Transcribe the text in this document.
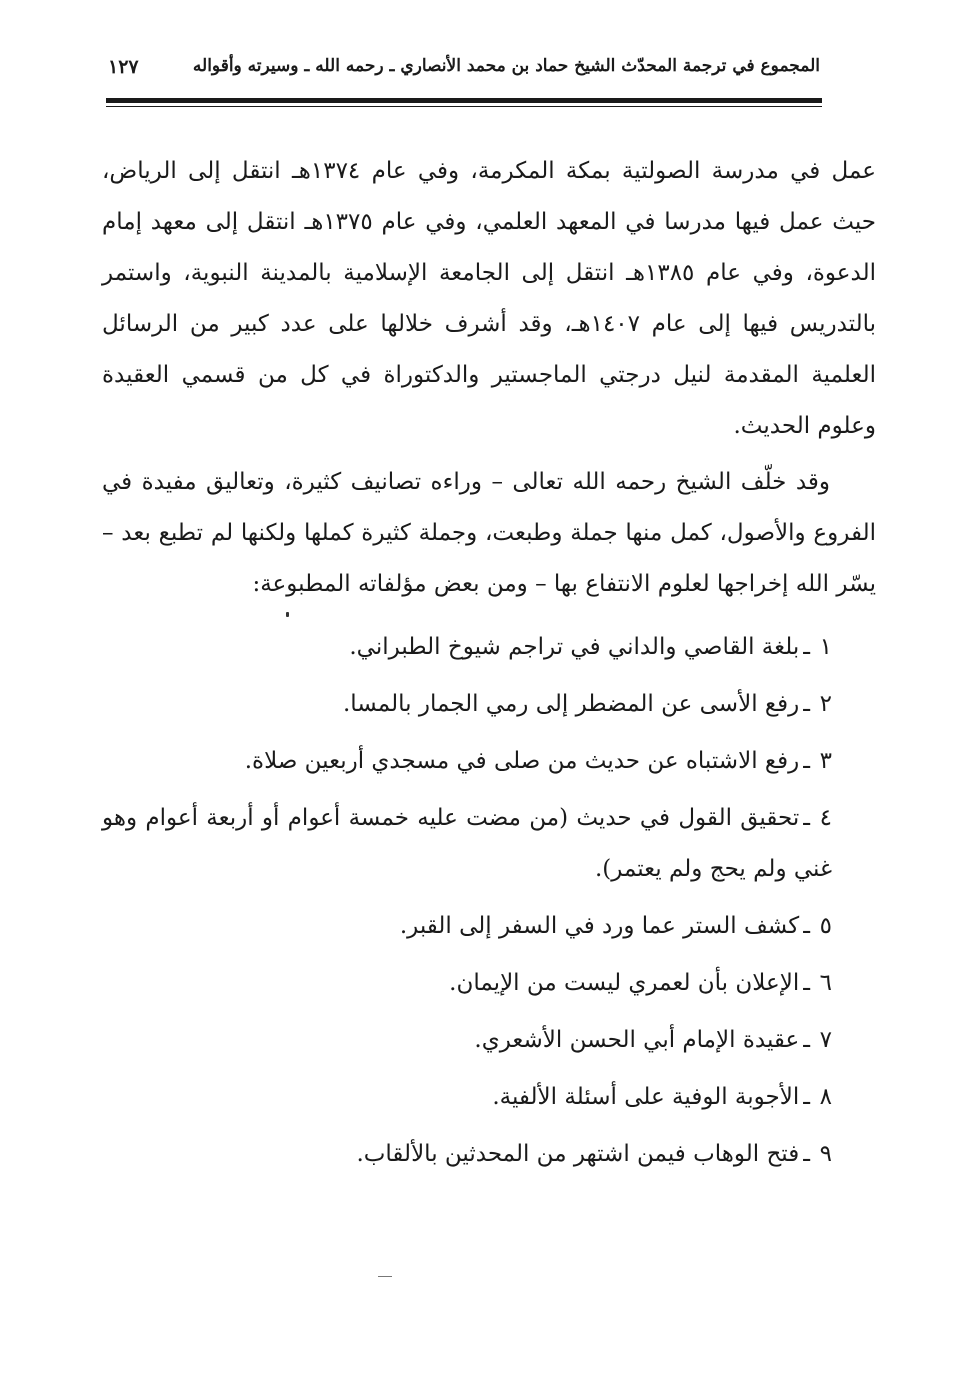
المجموع في ترجمة المحدّث الشيخ حماد بن محمد الأنصاري ـ رحمه الله ـ وسيرته وأقواله
١٢٧

عمل في مدرسة الصولتية بمكة المكرمة، وفي عام ١٣٧٤هـ انتقل إلى الرياض، حيث عمل فيها مدرسا في المعهد العلمي، وفي عام ١٣٧٥هـ انتقل إلى معهد إمام الدعوة، وفي عام ١٣٨٥هـ انتقل إلى الجامعة الإسلامية بالمدينة النبوية، واستمر بالتدريس فيها إلى عام ١٤٠٧هـ، وقد أشرف خلالها على عدد كبير من الرسائل العلمية المقدمة لنيل درجتي الماجستير والدكتوراة في كل من قسمي العقيدة وعلوم الحديث.

وقد خلّف الشيخ رحمه الله تعالى – وراءه تصانيف كثيرة، وتعاليق مفيدة في الفروع والأصول، كمل منها جملة وطبعت، وجملة كثيرة كملها ولكنها لم تطبع بعد – يسّر الله إخراجها لعلوم الانتفاع بها – ومن بعض مؤلفاته المطبوعة:

١ـبلغة القاصي والداني في تراجم شيوخ الطبراني.
٢ـرفع الأسى عن المضطر إلى رمي الجمار بالمسا.
٣ـرفع الاشتباه عن حديث من صلى في مسجدي أربعين صلاة.
٤ـتحقيق القول في حديث (من مضت عليه خمسة أعوام أو أربعة أعوام وهو غني ولم يحج ولم يعتمر).
٥ـكشف الستر عما ورد في السفر إلى القبر.
٦ـالإعلان بأن لعمري ليست من الإيمان.
٧ـعقيدة الإمام أبي الحسن الأشعري.
٨ـالأجوبة الوفية على أسئلة الألفية.
٩ـفتح الوهاب فيمن اشتهر من المحدثين بالألقاب.
